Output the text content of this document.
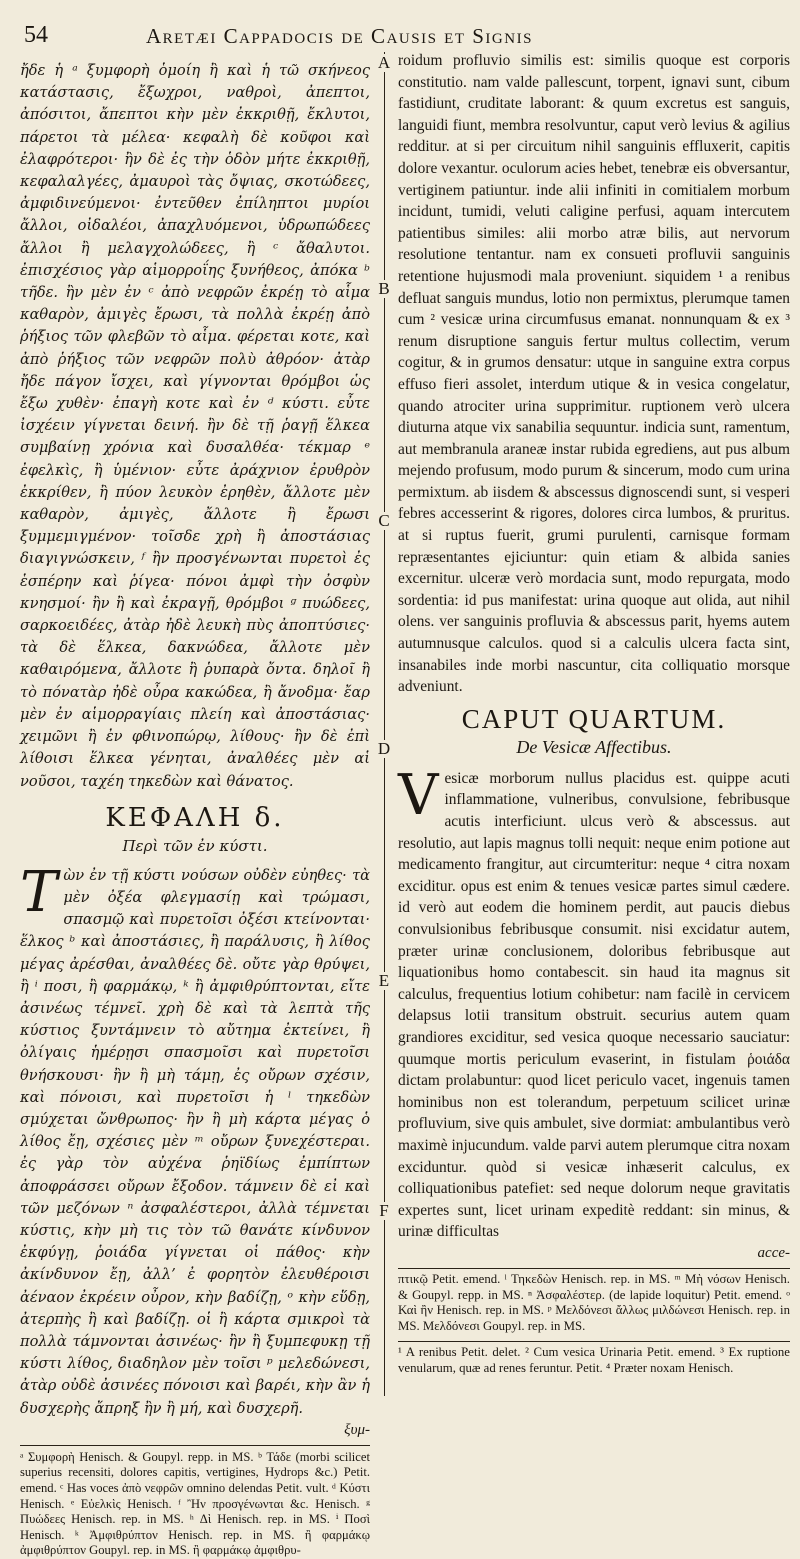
54	Aretæi Cappadocis de Causis et Signis
A
B
C
D
E
F

ἤδε ἡ ᵃ ξυμφορὴ ὁμοίη ἢ καὶ ἡ τῶ σκήνεος κατάστασις, ἔξωχροι, ναθροὶ, ἀπεπτοι, ἀπόσιτοι, ἄπεπτοι κὴν μὲν ἐκκριθῇ, ἔκλυτοι, πάρετοι τὰ μέλεα· κεφαλὴ δὲ κοῦφοι καὶ ἐλαφρότεροι· ἢν δὲ ἐς τὴν ὁδὸν μήτε ἐκκριθῇ, κεφαλαλγέες, ἀμαυροὶ τὰς ὄψιας, σκοτώδεες, ἀμφιδινεύμενοι· ἐντεῦθεν ἐπίληπτοι μυρίοι ἄλλοι, οἰδαλέοι, ἀπαχλυόμενοι, ὑδρωπώδεες ἄλλοι ἢ μελαγχολώδεες, ἢ ᶜ ἄθαλυτοι. ἐπισχέσιος γὰρ αἱμορροΐης ξυνήθεος, ἀπόκα ᵇ τῆδε. ἢν μὲν ἐν ᶜ ἀπὸ νεφρῶν ἐκρέῃ τὸ αἷμα καθαρὸν, ἀμιγὲς ἔρωσι, τὰ πολλὰ ἐκρέῃ ἀπὸ ῥήξιος τῶν φλεβῶν τὸ αἷμα. φέρεται κοτε, καὶ ἀπὸ ῥήξιος τῶν νεφρῶν πολὺ ἀθρόον· ἀτὰρ ἤδε πάγον ἴσχει, καὶ γίγνονται θρόμβοι ὡς ἔξω χυθὲν· ἐπαγὴ κοτε καὶ ἐν ᵈ κύστι. εὖτε ἰσχέειν γίγνεται δεινή. ἢν δὲ τῇ ῥαγῇ ἕλκεα συμβαίνῃ χρόνια καὶ δυσαλθέα· τέκμαρ ᵉ ἐφελκὶς, ἢ ὑμένιον· εὖτε ἀράχνιον ἐρυθρὸν ἐκκρίθεν, ἢ πύον λευκὸν ἐρηθὲν, ἄλλοτε μὲν καθαρὸν, ἀμιγὲς, ἄλλοτε ἢ ἔρωσι ξυμμεμιγμένον· τοῖσδε χρὴ ἢ ἀποστάσιας διαγιγνώσκειν, ᶠ ἢν προσγένωνται πυρετοὶ ἐς ἑσπέρην καὶ ῥίγεα· πόνοι ἀμφὶ τὴν ὀσφὺν κνησμοί· ἢν ἢ καὶ ἐκραγῇ, θρόμβοι ᵍ πυώδεες, σαρκοειδέες, ἀτὰρ ἠδὲ λευκὴ πὺς ἀποπτύσιες· τὰ δὲ ἕλκεα, δακνώδεα, ἄλλοτε μὲν καθαιρόμενα, ἄλλοτε ἢ ῥυπαρὰ ὄντα. δηλοῖ ἢ τὸ πόνατὰρ ἠδὲ οὖρα κακώδεα, ἢ ἄνοδμα· ἔαρ μὲν ἐν αἱμορραγίαις πλείη καὶ ἀποστάσιας· χειμῶνι ἢ ἐν φθινοπώρῳ, λίθους· ἢν δὲ ἐπὶ λίθοισι ἕλκεα γένηται, ἀναλθέες μὲν αἱ νοῦσοι, ταχέη τηκεδὼν καὶ θάνατος.

ΚΕΦΑΛΗ δ.
Περὶ τῶν ἐν κύστι.
Τὼν ἐν τῇ κύστι νούσων οὐδὲν εὐηθες· τὰ μὲν ὀξέα φλεγμασίῃ καὶ τρώμασι, σπασμῷ καὶ πυρετοῖσι ὀξέσι κτείνονται· ἕλκος ᵇ καὶ ἀποστάσιες, ἢ παράλυσις, ἢ λίθος μέγας ἀρέσθαι, ἀναλθέες δὲ. οὔτε γὰρ θρύψει, ἢ ⁱ ποσι, ἢ φαρμάκῳ, ᵏ ἢ ἀμφιθρύπτονται, εἴτε ἀσινέως τέμνεῖ. χρὴ δὲ καὶ τὰ λεπτὰ τῆς κύστιος ξυντάμνειν τὸ αὔτημα ἐκτείνει, ἢ ὀλίγαις ἡμέρῃσι σπασμοῖσι καὶ πυρετοῖσι θνήσκουσι· ἢν ἢ μὴ τάμῃ, ἐς οὔρων σχέσιν, καὶ πόνοισι, καὶ πυρετοῖσι ἡ ˡ τηκεδὼν σμύχεται ὤνθρωπος· ἢν ἢ μὴ κάρτα μέγας ὁ λίθος ἔῃ, σχέσιες μὲν ᵐ οὔρων ξυνεχέστεραι. ἐς γὰρ τὸν αὐχένα ῥηϊδίως ἐμπίπτων ἀποφράσσει οὔρων ἔξοδον. τάμνειν δὲ εἰ καὶ τῶν μεζόνων ⁿ ἀσφαλέστεροι, ἀλλὰ τέμνεται κύστις, κὴν μὴ τις τὸν τῶ θανάτε κίνδυνον ἐκφύγῃ, ῥοιάδα γίγνεται οἱ πάθος· κὴν ἀκίνδυνον ἔῃ, ἀλλ’ ἐ φορητὸν ἐλευθέροισι ἀέναον ἐκρέειν οὖρον, κὴν βαδίζῃ, ᵒ κὴν εὕδῃ, ἀτερπὴς ἢ καὶ βαδίζῃ. οἱ ἢ κάρτα σμικροὶ τὰ πολλὰ τάμνονται ἀσινέως· ἢν ἢ ξυμπεφυκῃ τῇ κύστι λίθος, διαδηλον μὲν τοῖσι ᵖ μελεδώνεσι, ἀτὰρ οὐδὲ ἀσινέες πόνοισι καὶ βαρέι, κὴν ἂν ἡ δυσχερὴς ἄπρηξ ἢν ἢ μή, καὶ δυσχερῆ.
ξυμ-
ᵃ Συμφορὴ Henisch. & Goupyl. repp. in MS. ᵇ Τάδε (morbi scilicet superius recensiti, dolores capitis, vertigines, Hydrops &c.) Petit. emend. ᶜ Has voces ἀπὸ νεφρῶν omnino delendas Petit. vult. ᵈ Κύστι Henisch. ᵉ Εὐελκὶς Henisch. ᶠ Ἢν προσγένωνται &c. Henisch. ᵍ Πυώδεες Henisch. rep. in MS. ʰ Δὶ Henisch. rep. in MS. ⁱ Ποσὶ Henisch. ᵏ Ἀμφιθρύπτον Henisch. rep. in MS. ἢ φαρμάκῳ ἀμφιθρύπτον Goupyl. rep. in MS. ἢ φαρμάκῳ ἀμφιθρυ-

roidum profluvio similis est: similis quoque est corporis constitutio. nam valde pallescunt, torpent, ignavi sunt, cibum fastidiunt, cruditate laborant: & quum excretus est sanguis, languidi fiunt, membra resolvuntur, caput verò levius & agilius redditur. at si per circuitum nihil sanguinis effluxerit, capitis dolore vexantur. oculorum acies hebet, tenebræ eis obversantur, vertiginem patiuntur. inde alii infiniti in comitialem morbum incidunt, tumidi, veluti caligine perfusi, aquam intercutem patientibus similes: alii morbo atræ bilis, aut nervorum resolutione tentantur. nam ex consueti profluvii sanguinis retentione hujusmodi mala proveniunt. siquidem ¹ a renibus defluat sanguis mundus, lotio non permixtus, plerumque tamen cum ² vesicæ urina circumfusus emanat. nonnunquam & ex ³ renum disruptione sanguis fertur multus collectim, verum cogitur, & in grumos densatur: utque in sanguine extra corpus effuso fieri assolet, interdum utique & in vesica congelatur, quando atrociter urina supprimitur. ruptionem verò ulcera diuturna atque vix sanabilia sequuntur. indicia sunt, ramentum, aut membranula araneæ instar rubida egrediens, aut pus album mejendo profusum, modo purum & sincerum, modo cum urina permixtum. ab iisdem & abscessus dignoscendi sunt, si vesperi febres accesserint & rigores, dolores circa lumbos, & pruritus. at si ruptus fuerit, grumi purulenti, carnisque formam repræsentantes ejiciuntur: quin etiam & albida sanies excernitur. ulceræ verò mordacia sunt, modo repurgata, modo sordentia: id pus manifestat: urina quoque aut olida, aut nihil olens. ver sanguinis profluvia & abscessus parit, hyems autem autumnusque calculos. quod si a calculis ulcera facta sint, insanabiles inde morbi nascuntur, cita colliquatio morsque adveniunt.

CAPUT QUARTUM.
De Vesicæ Affectibus.
Vesicæ morborum nullus placidus est. quippe acuti inflammatione, vulneribus, convulsione, febribusque acutis interficiunt. ulcus verò & abscessus. aut resolutio, aut lapis magnus tolli nequit: neque enim potione aut medicamento frangitur, aut circumteritur: neque ⁴ citra noxam exciditur. opus est enim & tenues vesicæ partes simul cædere. id verò aut eodem die hominem perdit, aut paucis diebus convulsionibus febribusque consumit. nisi excidatur autem, præter urinæ conclusionem, doloribus febribusque aut liquationibus homo contabescit. sin haud ita magnus sit calculus, frequentius lotium cohibetur: nam facilè in cervicem delapsus lotii transitum obstruit. securius autem quam grandiores exciditur, sed vesica quoque necessario sauciatur: quumque mortis periculum evaserint, in fistulam ῥοιάδα dictam prolabuntur: quod licet periculo vacet, ingenuis tamen hominibus non est tolerandum, perpetuum scilicet urinæ profluvium, sive quis ambulet, sive dormiat: ambulantibus verò maximè injucundum. valde parvi autem plerumque citra noxam exciduntur. quòd si vesicæ inhæserit calculus, ex colliquationibus patefiet: sed neque dolorum neque gravitatis expertes sunt, licet urinam expeditè reddant: sin minus, & urinæ difficultas
acce-
πτικῷ Petit. emend. ˡ Τηκεδὼν Henisch. rep. in MS. ᵐ Μὴ νόσων Henisch. & Goupyl. repp. in MS. ⁿ Ἀσφαλέστερ. (de lapide loquitur) Petit. emend. ᵒ Καὶ ἢν Henisch. rep. in MS. ᵖ Μελδόνεσι ἄλλως μιλδώνεσι Henisch. rep. in MS. Μελδόνεσι Goupyl. rep. in MS.
¹ A renibus Petit. delet. ² Cum vesica Urinaria Petit. emend. ³ Ex ruptione venularum, quæ ad renes feruntur. Petit. ⁴ Præter noxam Henisch.
